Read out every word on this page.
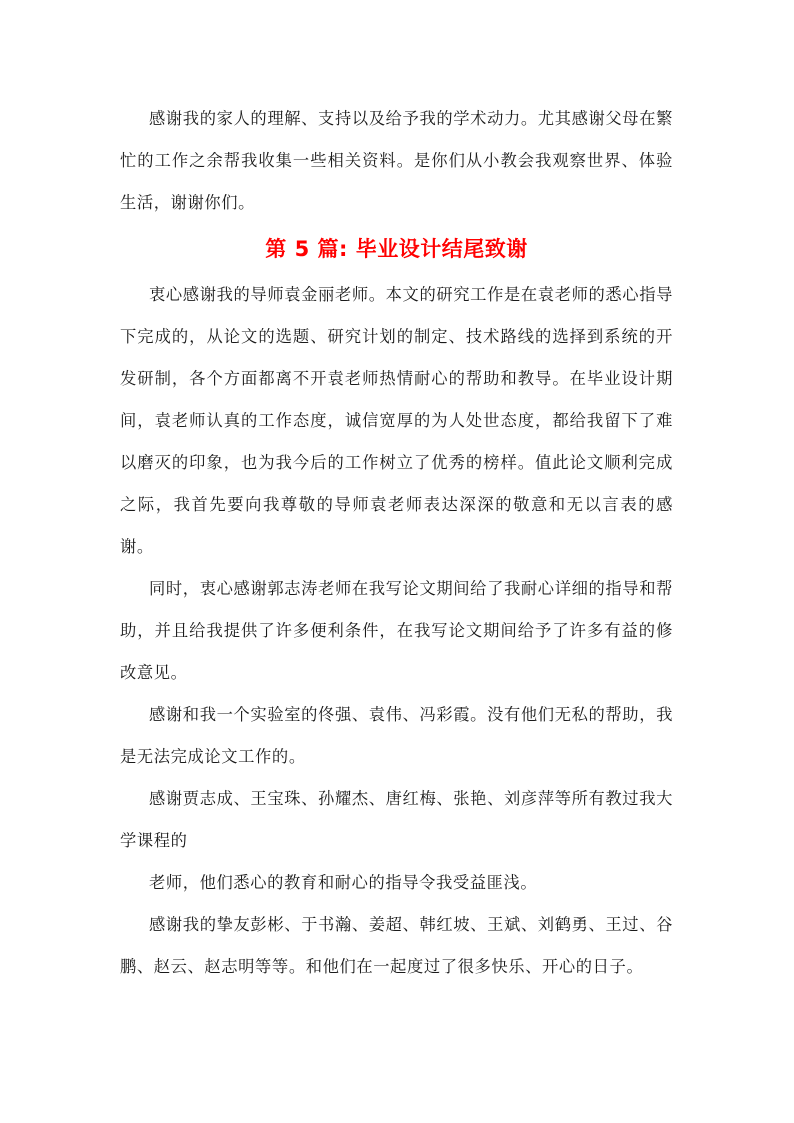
感谢我的家人的理解、支持以及给予我的学术动力。尤其感谢父母在繁忙的工作之余帮我收集一些相关资料。是你们从小教会我观察世界、体验生活，谢谢你们。

第 5 篇: 毕业设计结尾致谢

衷心感谢我的导师袁金丽老师。本文的研究工作是在袁老师的悉心指导下完成的，从论文的选题、研究计划的制定、技术路线的选择到系统的开发研制，各个方面都离不开袁老师热情耐心的帮助和教导。在毕业设计期间，袁老师认真的工作态度，诚信宽厚的为人处世态度，都给我留下了难以磨灭的印象，也为我今后的工作树立了优秀的榜样。值此论文顺利完成之际，我首先要向我尊敬的导师袁老师表达深深的敬意和无以言表的感谢。

同时，衷心感谢郭志涛老师在我写论文期间给了我耐心详细的指导和帮助，并且给我提供了许多便利条件，在我写论文期间给予了许多有益的修改意见。

感谢和我一个实验室的佟强、袁伟、冯彩霞。没有他们无私的帮助，我是无法完成论文工作的。

感谢贾志成、王宝珠、孙耀杰、唐红梅、张艳、刘彦萍等所有教过我大学课程的

老师，他们悉心的教育和耐心的指导令我受益匪浅。

感谢我的挚友彭彬、于书瀚、姜超、韩红坡、王斌、刘鹤勇、王过、谷鹏、赵云、赵志明等等。和他们在一起度过了很多快乐、开心的日子。
